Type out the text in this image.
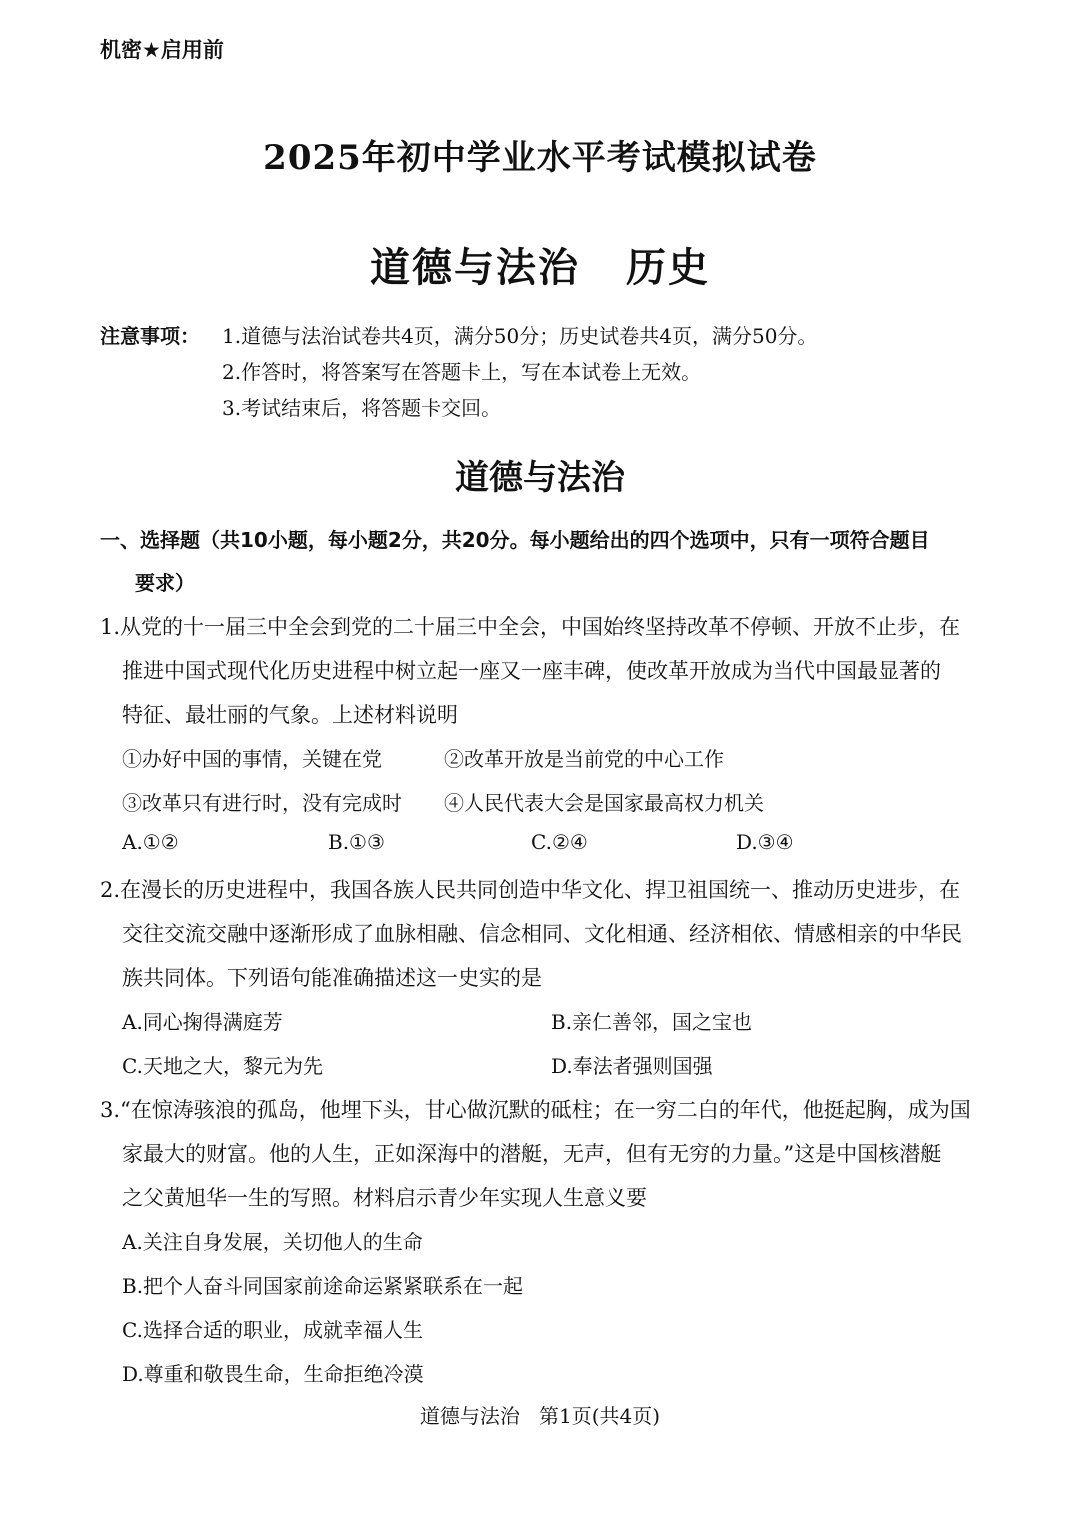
机密★启用前
2025年初中学业水平考试模拟试卷
道德与法治 历史
注意事项： 1.道德与法治试卷共4页，满分50分；历史试卷共4页，满分50分。
2.作答时，将答案写在答题卡上，写在本试卷上无效。
3.考试结束后，将答题卡交回。
道德与法治
一、选择题（共10小题，每小题2分，共20分。每小题给出的四个选项中，只有一项符合题目
要求）
1.从党的十一届三中全会到党的二十届三中全会，中国始终坚持改革不停顿、开放不止步，在
推进中国式现代化历史进程中树立起一座又一座丰碑，使改革开放成为当代中国最显著的
特征、最壮丽的气象。上述材料说明
①办好中国的事情，关键在党	②改革开放是当前党的中心工作
③改革只有进行时，没有完成时 ④人民代表大会是国家最高权力机关
A.①②	B.①③	C.②④	D.③④
2.在漫长的历史进程中，我国各族人民共同创造中华文化、捍卫祖国统一、推动历史进步，在
交往交流交融中逐渐形成了血脉相融、信念相同、文化相通、经济相依、情感相亲的中华民
族共同体。下列语句能准确描述这一史实的是
A.同心掬得满庭芳	B.亲仁善邻，国之宝也
C.天地之大，黎元为先	D.奉法者强则国强
3.“在惊涛骇浪的孤岛，他埋下头，甘心做沉默的砥柱；在一穷二白的年代，他挺起胸，成为国
家最大的财富。他的人生，正如深海中的潜艇，无声，但有无穷的力量。”这是中国核潜艇
之父黄旭华一生的写照。材料启示青少年实现人生意义要
A.关注自身发展，关切他人的生命
B.把个人奋斗同国家前途命运紧紧联系在一起
C.选择合适的职业，成就幸福人生
D.尊重和敬畏生命，生命拒绝冷漠
道德与法治 第1页(共4页)
